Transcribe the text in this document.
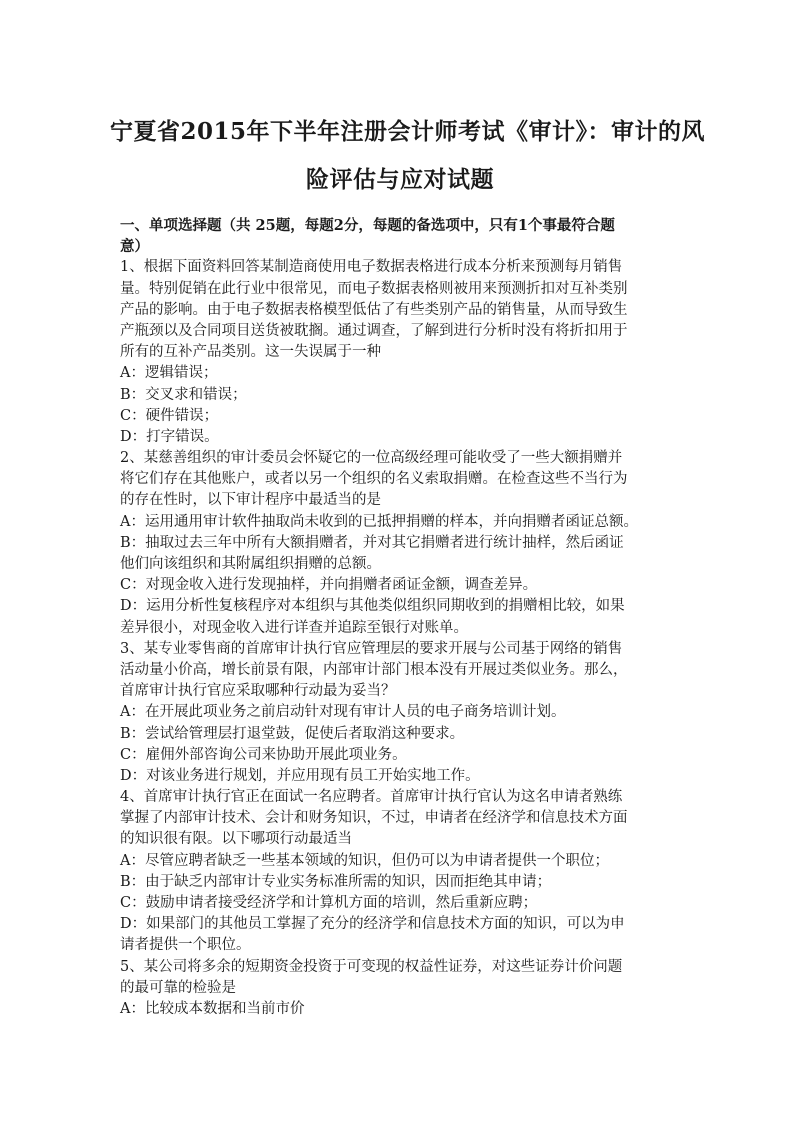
宁夏省2015年下半年注册会计师考试《审计》：审计的风
险评估与应对试题
一、单项选择题（共 25题，每题2分，每题的备选项中，只有1个事最符合题
意）
1、根据下面资料回答某制造商使用电子数据表格进行成本分析来预测每月销售
量。特别促销在此行业中很常见，而电子数据表格则被用来预测折扣对互补类别
产品的影响。由于电子数据表格模型低估了有些类别产品的销售量，从而导致生
产瓶颈以及合同项目送货被耽搁。通过调查，了解到进行分析时没有将折扣用于
所有的互补产品类别。这一失误属于一种
A：逻辑错误；
B：交叉求和错误；
C：硬件错误；
D：打字错误。
2、某慈善组织的审计委员会怀疑它的一位高级经理可能收受了一些大额捐赠并
将它们存在其他账户，或者以另一个组织的名义索取捐赠。在检查这些不当行为
的存在性时，以下审计程序中最适当的是
A：运用通用审计软件抽取尚未收到的已抵押捐赠的样本，并向捐赠者函证总额。
B：抽取过去三年中所有大额捐赠者，并对其它捐赠者进行统计抽样，然后函证
他们向该组织和其附属组织捐赠的总额。
C：对现金收入进行发现抽样，并向捐赠者函证金额，调查差异。
D：运用分析性复核程序对本组织与其他类似组织同期收到的捐赠相比较，如果
差异很小，对现金收入进行详查并追踪至银行对账单。
3、某专业零售商的首席审计执行官应管理层的要求开展与公司基于网络的销售
活动量小价高，增长前景有限，内部审计部门根本没有开展过类似业务。那么，
首席审计执行官应采取哪种行动最为妥当？
A：在开展此项业务之前启动针对现有审计人员的电子商务培训计划。
B：尝试给管理层打退堂鼓，促使后者取消这种要求。
C：雇佣外部咨询公司来协助开展此项业务。
D：对该业务进行规划，并应用现有员工开始实地工作。
4、首席审计执行官正在面试一名应聘者。首席审计执行官认为这名申请者熟练
掌握了内部审计技术、会计和财务知识，不过，申请者在经济学和信息技术方面
的知识很有限。以下哪项行动最适当
A：尽管应聘者缺乏一些基本领域的知识，但仍可以为申请者提供一个职位；
B：由于缺乏内部审计专业实务标准所需的知识，因而拒绝其申请；
C：鼓励申请者接受经济学和计算机方面的培训，然后重新应聘；
D：如果部门的其他员工掌握了充分的经济学和信息技术方面的知识，可以为申
请者提供一个职位。
5、某公司将多余的短期资金投资于可变现的权益性证券，对这些证券计价问题
的最可靠的检验是
A：比较成本数据和当前市价
